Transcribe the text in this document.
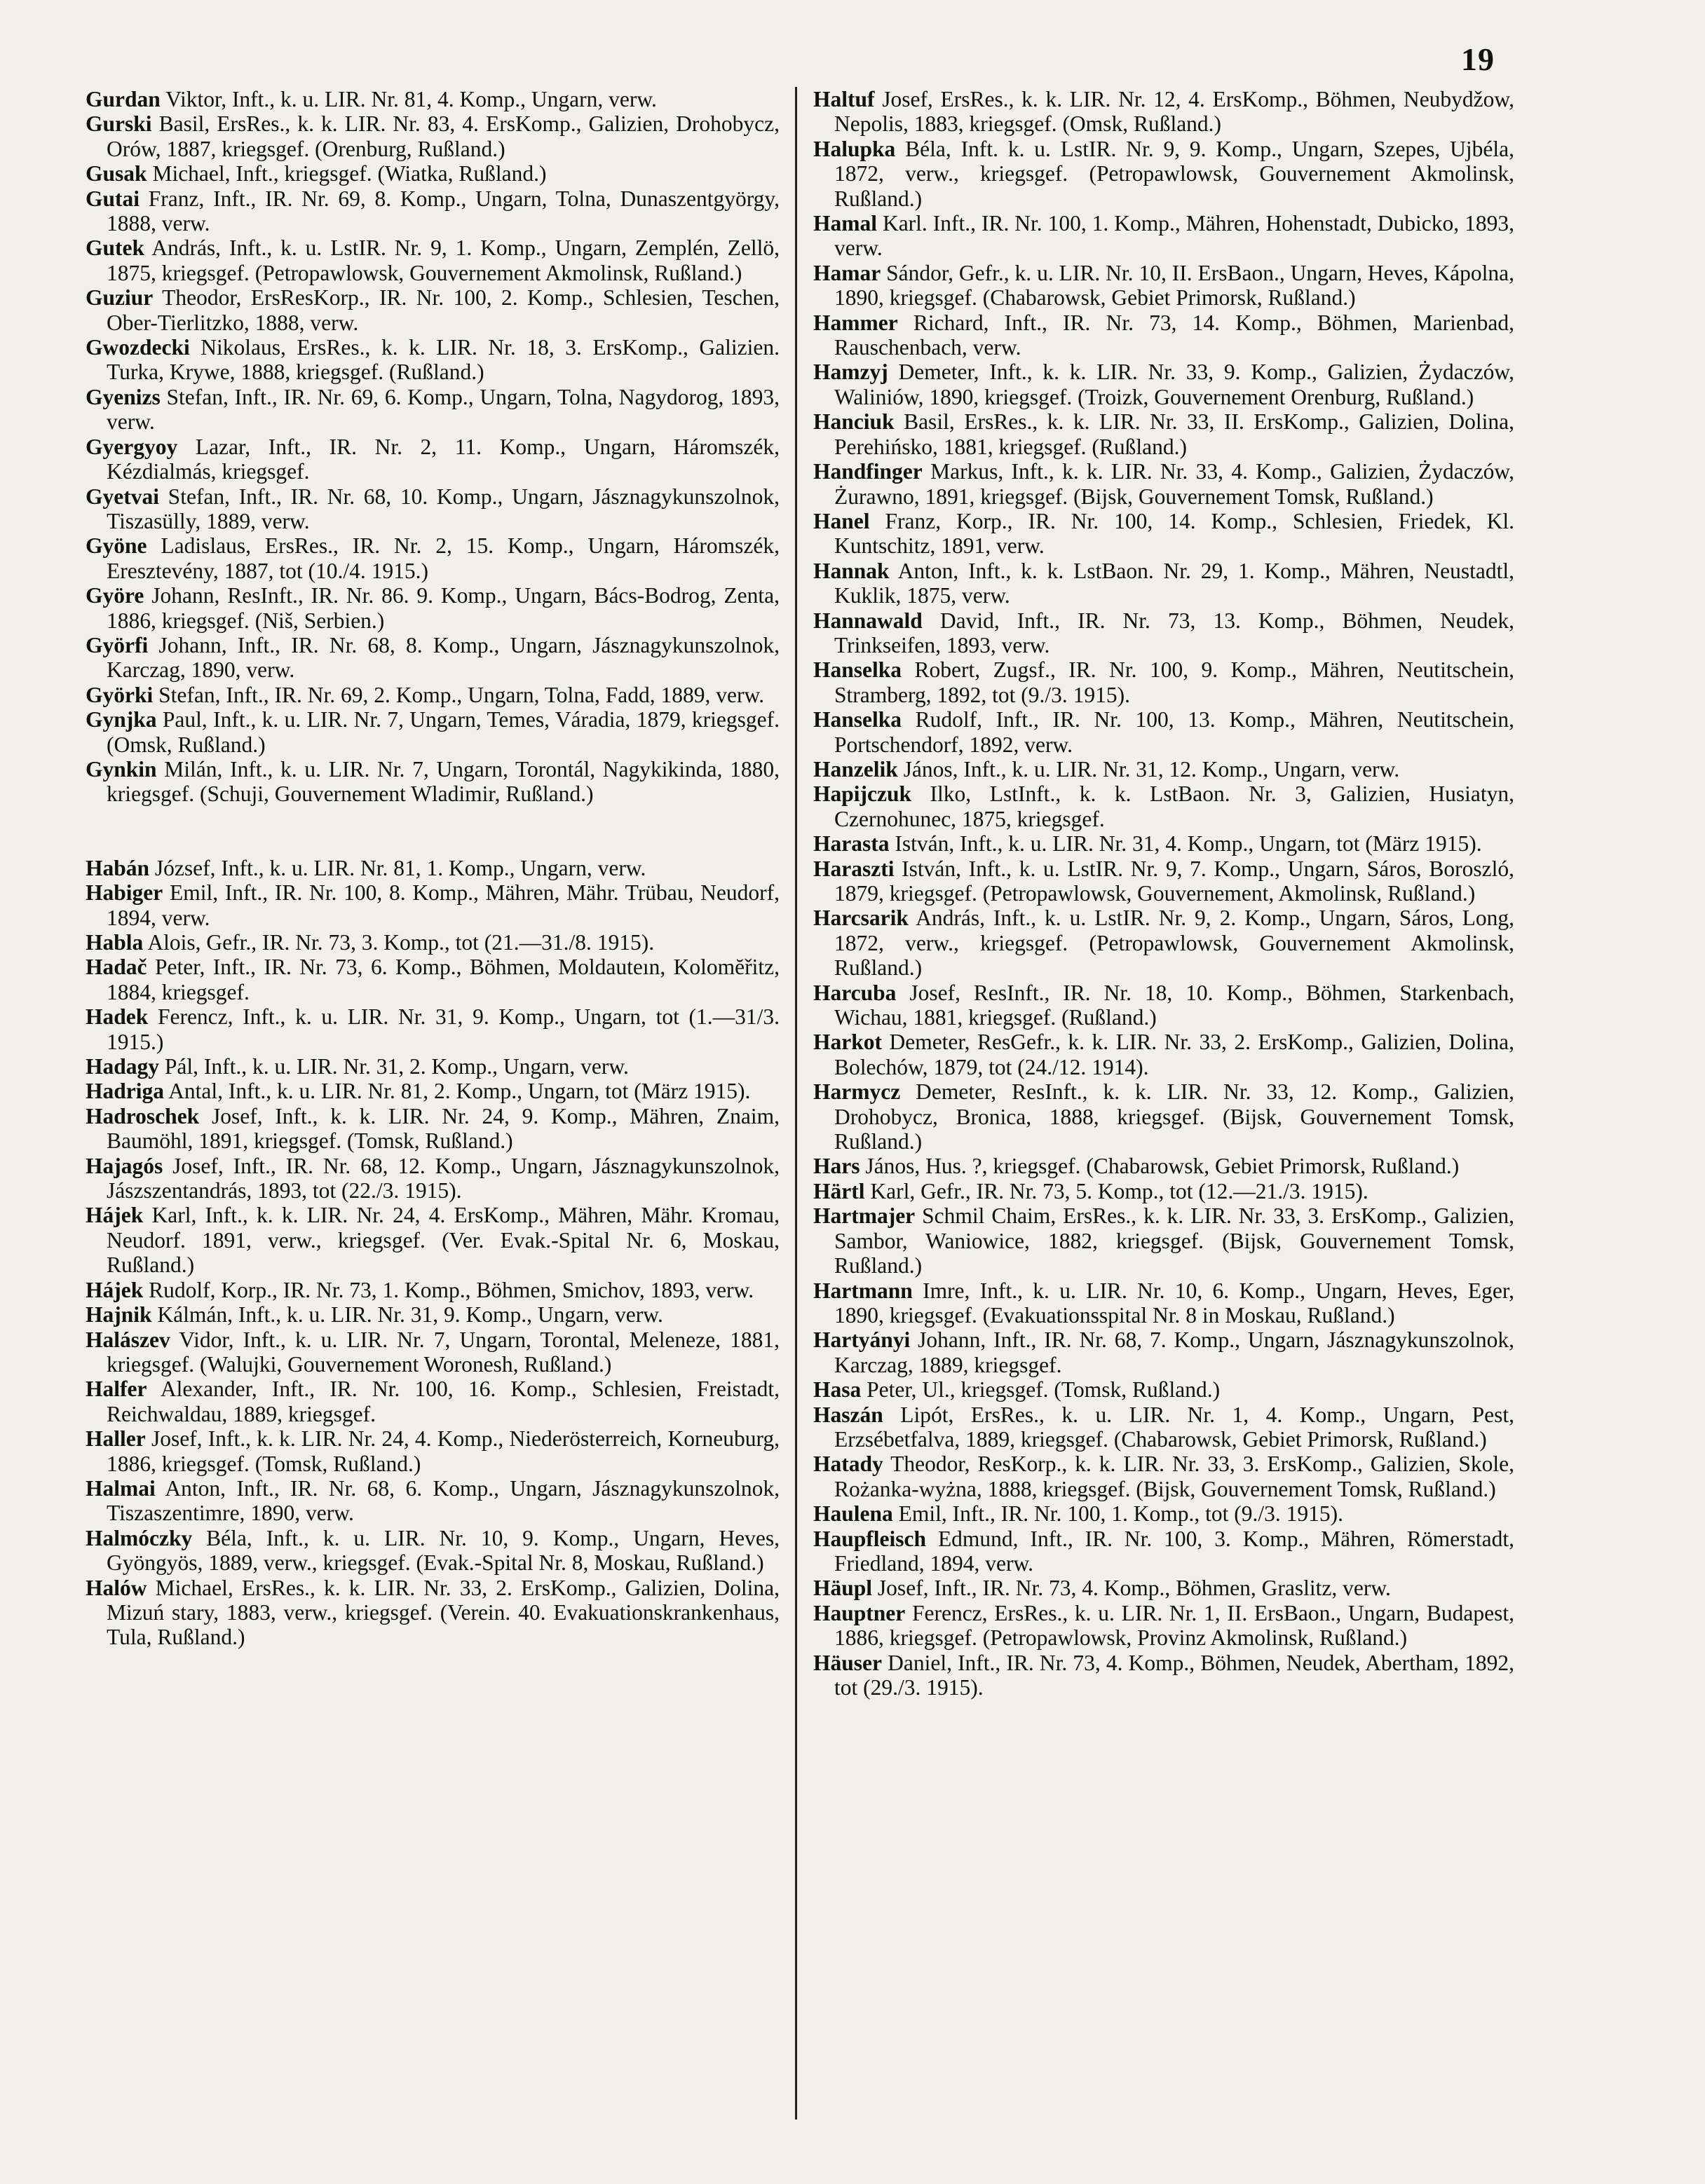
19

Gurdan Viktor, Inft., k. u. LIR. Nr. 81, 4. Komp., Ungarn, verw.

Gurski Basil, ErsRes., k. k. LIR. Nr. 83, 4. ErsKomp., Galizien, Drohobycz, Orów, 1887, kriegsgef. (Orenburg, Rußland.)

Gusak Michael, Inft., kriegsgef. (Wiatka, Rußland.)

Gutai Franz, Inft., IR. Nr. 69, 8. Komp., Ungarn, Tolna, Dunaszentgyörgy, 1888, verw.

Gutek András, Inft., k. u. LstIR. Nr. 9, 1. Komp., Ungarn, Zemplén, Zellö, 1875, kriegsgef. (Petropawlowsk, Gouvernement Akmolinsk, Rußland.)

Guziur Theodor, ErsResKorp., IR. Nr. 100, 2. Komp., Schlesien, Teschen, Ober-Tierlitzko, 1888, verw.

Gwozdecki Nikolaus, ErsRes., k. k. LIR. Nr. 18, 3. ErsKomp., Galizien. Turka, Krywe, 1888, kriegsgef. (Rußland.)

Gyenizs Stefan, Inft., IR. Nr. 69, 6. Komp., Ungarn, Tolna, Nagydorog, 1893, verw.

Gyergyoy Lazar, Inft., IR. Nr. 2, 11. Komp., Ungarn, Háromszék, Kézdialmás, kriegsgef.

Gyetvai Stefan, Inft., IR. Nr. 68, 10. Komp., Ungarn, Jásznagykunszolnok, Tiszasülly, 1889, verw.

Gyöne Ladislaus, ErsRes., IR. Nr. 2, 15. Komp., Ungarn, Háromszék, Eresztevény, 1887, tot (10./4. 1915.)

Györe Johann, ResInft., IR. Nr. 86. 9. Komp., Ungarn, Bács-Bodrog, Zenta, 1886, kriegsgef. (Niš, Serbien.)

Györfi Johann, Inft., IR. Nr. 68, 8. Komp., Ungarn, Jásznagykunszolnok, Karczag, 1890, verw.

Györki Stefan, Inft., IR. Nr. 69, 2. Komp., Ungarn, Tolna, Fadd, 1889, verw.

Gynjka Paul, Inft., k. u. LIR. Nr. 7, Ungarn, Temes, Váradia, 1879, kriegsgef. (Omsk, Rußland.)

Gynkin Milán, Inft., k. u. LIR. Nr. 7, Ungarn, Torontál, Nagykikinda, 1880, kriegsgef. (Schuji, Gouvernement Wladimir, Rußland.)

Habán József, Inft., k. u. LIR. Nr. 81, 1. Komp., Ungarn, verw.

Habiger Emil, Inft., IR. Nr. 100, 8. Komp., Mähren, Mähr. Trübau, Neudorf, 1894, verw.

Habla Alois, Gefr., IR. Nr. 73, 3. Komp., tot (21.—31./8. 1915).

Hadač Peter, Inft., IR. Nr. 73, 6. Komp., Böhmen, Moldauteın, Kolomĕřitz, 1884, kriegsgef.

Hadek Ferencz, Inft., k. u. LIR. Nr. 31, 9. Komp., Ungarn, tot (1.—31/3. 1915.)

Hadagy Pál, Inft., k. u. LIR. Nr. 31, 2. Komp., Ungarn, verw.

Hadriga Antal, Inft., k. u. LIR. Nr. 81, 2. Komp., Ungarn, tot (März 1915).

Hadroschek Josef, Inft., k. k. LIR. Nr. 24, 9. Komp., Mähren, Znaim, Baumöhl, 1891, kriegsgef. (Tomsk, Rußland.)

Hajagós Josef, Inft., IR. Nr. 68, 12. Komp., Ungarn, Jásznagykunszolnok, Jászszentandrás, 1893, tot (22./3. 1915).

Hájek Karl, Inft., k. k. LIR. Nr. 24, 4. ErsKomp., Mähren, Mähr. Kromau, Neudorf. 1891, verw., kriegsgef. (Ver. Evak.-Spital Nr. 6, Moskau, Rußland.)

Hájek Rudolf, Korp., IR. Nr. 73, 1. Komp., Böhmen, Smichov, 1893, verw.

Hajnik Kálmán, Inft., k. u. LIR. Nr. 31, 9. Komp., Ungarn, verw.

Halászev Vidor, Inft., k. u. LIR. Nr. 7, Ungarn, Torontal, Meleneze, 1881, kriegsgef. (Walujki, Gouvernement Woronesh, Rußland.)

Halfer Alexander, Inft., IR. Nr. 100, 16. Komp., Schlesien, Freistadt, Reichwaldau, 1889, kriegsgef.

Haller Josef, Inft., k. k. LIR. Nr. 24, 4. Komp., Niederösterreich, Korneuburg, 1886, kriegsgef. (Tomsk, Rußland.)

Halmai Anton, Inft., IR. Nr. 68, 6. Komp., Ungarn, Jásznagykunszolnok, Tiszaszentimre, 1890, verw.

Halmóczky Béla, Inft., k. u. LIR. Nr. 10, 9. Komp., Ungarn, Heves, Gyöngyös, 1889, verw., kriegsgef. (Evak.-Spital Nr. 8, Moskau, Rußland.)

Halów Michael, ErsRes., k. k. LIR. Nr. 33, 2. ErsKomp., Galizien, Dolina, Mizuń stary, 1883, verw., kriegsgef. (Verein. 40. Evakuationskrankenhaus, Tula, Rußland.)

Haltuf Josef, ErsRes., k. k. LIR. Nr. 12, 4. ErsKomp., Böhmen, Neubydžow, Nepolis, 1883, kriegsgef. (Omsk, Rußland.)

Halupka Béla, Inft. k. u. LstIR. Nr. 9, 9. Komp., Ungarn, Szepes, Ujbéla, 1872, verw., kriegsgef. (Petropawlowsk, Gouvernement Akmolinsk, Rußland.)

Hamal Karl. Inft., IR. Nr. 100, 1. Komp., Mähren, Hohenstadt, Dubicko, 1893, verw.

Hamar Sándor, Gefr., k. u. LIR. Nr. 10, II. ErsBaon., Ungarn, Heves, Kápolna, 1890, kriegsgef. (Chabarowsk, Gebiet Primorsk, Rußland.)

Hammer Richard, Inft., IR. Nr. 73, 14. Komp., Böhmen, Marienbad, Rauschenbach, verw.

Hamzyj Demeter, Inft., k. k. LIR. Nr. 33, 9. Komp., Galizien, Żydaczów, Waliniów, 1890, kriegsgef. (Troizk, Gouvernement Orenburg, Rußland.)

Hanciuk Basil, ErsRes., k. k. LIR. Nr. 33, II. ErsKomp., Galizien, Dolina, Perehińsko, 1881, kriegsgef. (Rußland.)

Handfinger Markus, Inft., k. k. LIR. Nr. 33, 4. Komp., Galizien, Żydaczów, Żurawno, 1891, kriegsgef. (Bijsk, Gouvernement Tomsk, Rußland.)

Hanel Franz, Korp., IR. Nr. 100, 14. Komp., Schlesien, Friedek, Kl. Kuntschitz, 1891, verw.

Hannak Anton, Inft., k. k. LstBaon. Nr. 29, 1. Komp., Mähren, Neustadtl, Kuklik, 1875, verw.

Hannawald David, Inft., IR. Nr. 73, 13. Komp., Böhmen, Neudek, Trinkseifen, 1893, verw.

Hanselka Robert, Zugsf., IR. Nr. 100, 9. Komp., Mähren, Neutitschein, Stramberg, 1892, tot (9./3. 1915).

Hanselka Rudolf, Inft., IR. Nr. 100, 13. Komp., Mähren, Neutitschein, Portschendorf, 1892, verw.

Hanzelik János, Inft., k. u. LIR. Nr. 31, 12. Komp., Ungarn, verw.

Hapijczuk Ilko, LstInft., k. k. LstBaon. Nr. 3, Galizien, Husiatyn, Czernohunec, 1875, kriegsgef.

Harasta István, Inft., k. u. LIR. Nr. 31, 4. Komp., Ungarn, tot (März 1915).

Haraszti István, Inft., k. u. LstIR. Nr. 9, 7. Komp., Ungarn, Sáros, Boroszló, 1879, kriegsgef. (Petropawlowsk, Gouvernement, Akmolinsk, Rußland.)

Harcsarik András, Inft., k. u. LstIR. Nr. 9, 2. Komp., Ungarn, Sáros, Long, 1872, verw., kriegsgef. (Petropawlowsk, Gouvernement Akmolinsk, Rußland.)

Harcuba Josef, ResInft., IR. Nr. 18, 10. Komp., Böhmen, Starkenbach, Wichau, 1881, kriegsgef. (Rußland.)

Harkot Demeter, ResGefr., k. k. LIR. Nr. 33, 2. ErsKomp., Galizien, Dolina, Bolechów, 1879, tot (24./12. 1914).

Harmycz Demeter, ResInft., k. k. LIR. Nr. 33, 12. Komp., Galizien, Drohobycz, Bronica, 1888, kriegsgef. (Bijsk, Gouvernement Tomsk, Rußland.)

Hars János, Hus. ?, kriegsgef. (Chabarowsk, Gebiet Primorsk, Rußland.)

Härtl Karl, Gefr., IR. Nr. 73, 5. Komp., tot (12.—21./3. 1915).

Hartmajer Schmil Chaim, ErsRes., k. k. LIR. Nr. 33, 3. ErsKomp., Galizien, Sambor, Waniowice, 1882, kriegsgef. (Bijsk, Gouvernement Tomsk, Rußland.)

Hartmann Imre, Inft., k. u. LIR. Nr. 10, 6. Komp., Ungarn, Heves, Eger, 1890, kriegsgef. (Evakuationsspital Nr. 8 in Moskau, Rußland.)

Hartyányi Johann, Inft., IR. Nr. 68, 7. Komp., Ungarn, Jásznagykunszolnok, Karczag, 1889, kriegsgef.

Hasa Peter, Ul., kriegsgef. (Tomsk, Rußland.)

Haszán Lipót, ErsRes., k. u. LIR. Nr. 1, 4. Komp., Ungarn, Pest, Erzsébetfalva, 1889, kriegsgef. (Chabarowsk, Gebiet Primorsk, Rußland.)

Hatady Theodor, ResKorp., k. k. LIR. Nr. 33, 3. ErsKomp., Galizien, Skole, Rożanka-wyżna, 1888, kriegsgef. (Bijsk, Gouvernement Tomsk, Rußland.)

Haulena Emil, Inft., IR. Nr. 100, 1. Komp., tot (9./3. 1915).

Haupfleisch Edmund, Inft., IR. Nr. 100, 3. Komp., Mähren, Römerstadt, Friedland, 1894, verw.

Häupl Josef, Inft., IR. Nr. 73, 4. Komp., Böhmen, Graslitz, verw.

Hauptner Ferencz, ErsRes., k. u. LIR. Nr. 1, II. ErsBaon., Ungarn, Budapest, 1886, kriegsgef. (Petropawlowsk, Provinz Akmolinsk, Rußland.)

Häuser Daniel, Inft., IR. Nr. 73, 4. Komp., Böhmen, Neudek, Abertham, 1892, tot (29./3. 1915).
